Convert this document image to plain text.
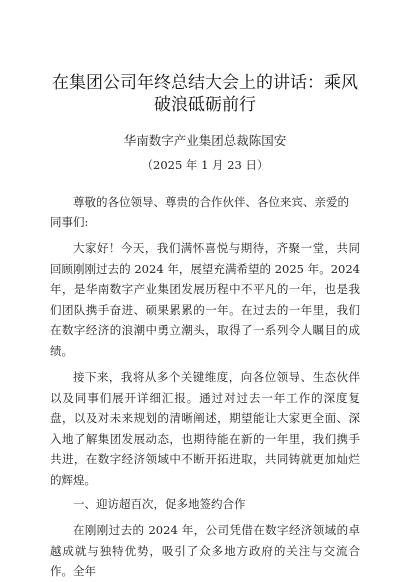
在集团公司年终总结大会上的讲话：乘风破浪砥砺前行

华南数字产业集团总裁陈国安

（2025 年 1 月 23 日）

尊敬的各位领导、尊贵的合作伙伴、各位来宾、亲爱的同事们:

大家好！今天，我们满怀喜悦与期待，齐聚一堂，共同回顾刚刚过去的 2024 年，展望充满希望的 2025 年。2024 年，是华南数字产业集团发展历程中不平凡的一年，也是我们团队携手奋进、硕果累累的一年。在过去的一年里，我们在数字经济的浪潮中勇立潮头，取得了一系列令人瞩目的成绩。

接下来，我将从多个关键维度，向各位领导、生态伙伴以及同事们展开详细汇报。通过对过去一年工作的深度复盘，以及对未来规划的清晰阐述，期望能让大家更全面、深入地了解集团发展动态，也期待能在新的一年里，我们携手共进，在数字经济领域中不断开拓进取，共同铸就更加灿烂的辉煌。

一、迎访超百次，促多地签约合作

在刚刚过去的 2024 年，公司凭借在数字经济领域的卓越成就与独特优势，吸引了众多地方政府的关注与交流合作。全年
